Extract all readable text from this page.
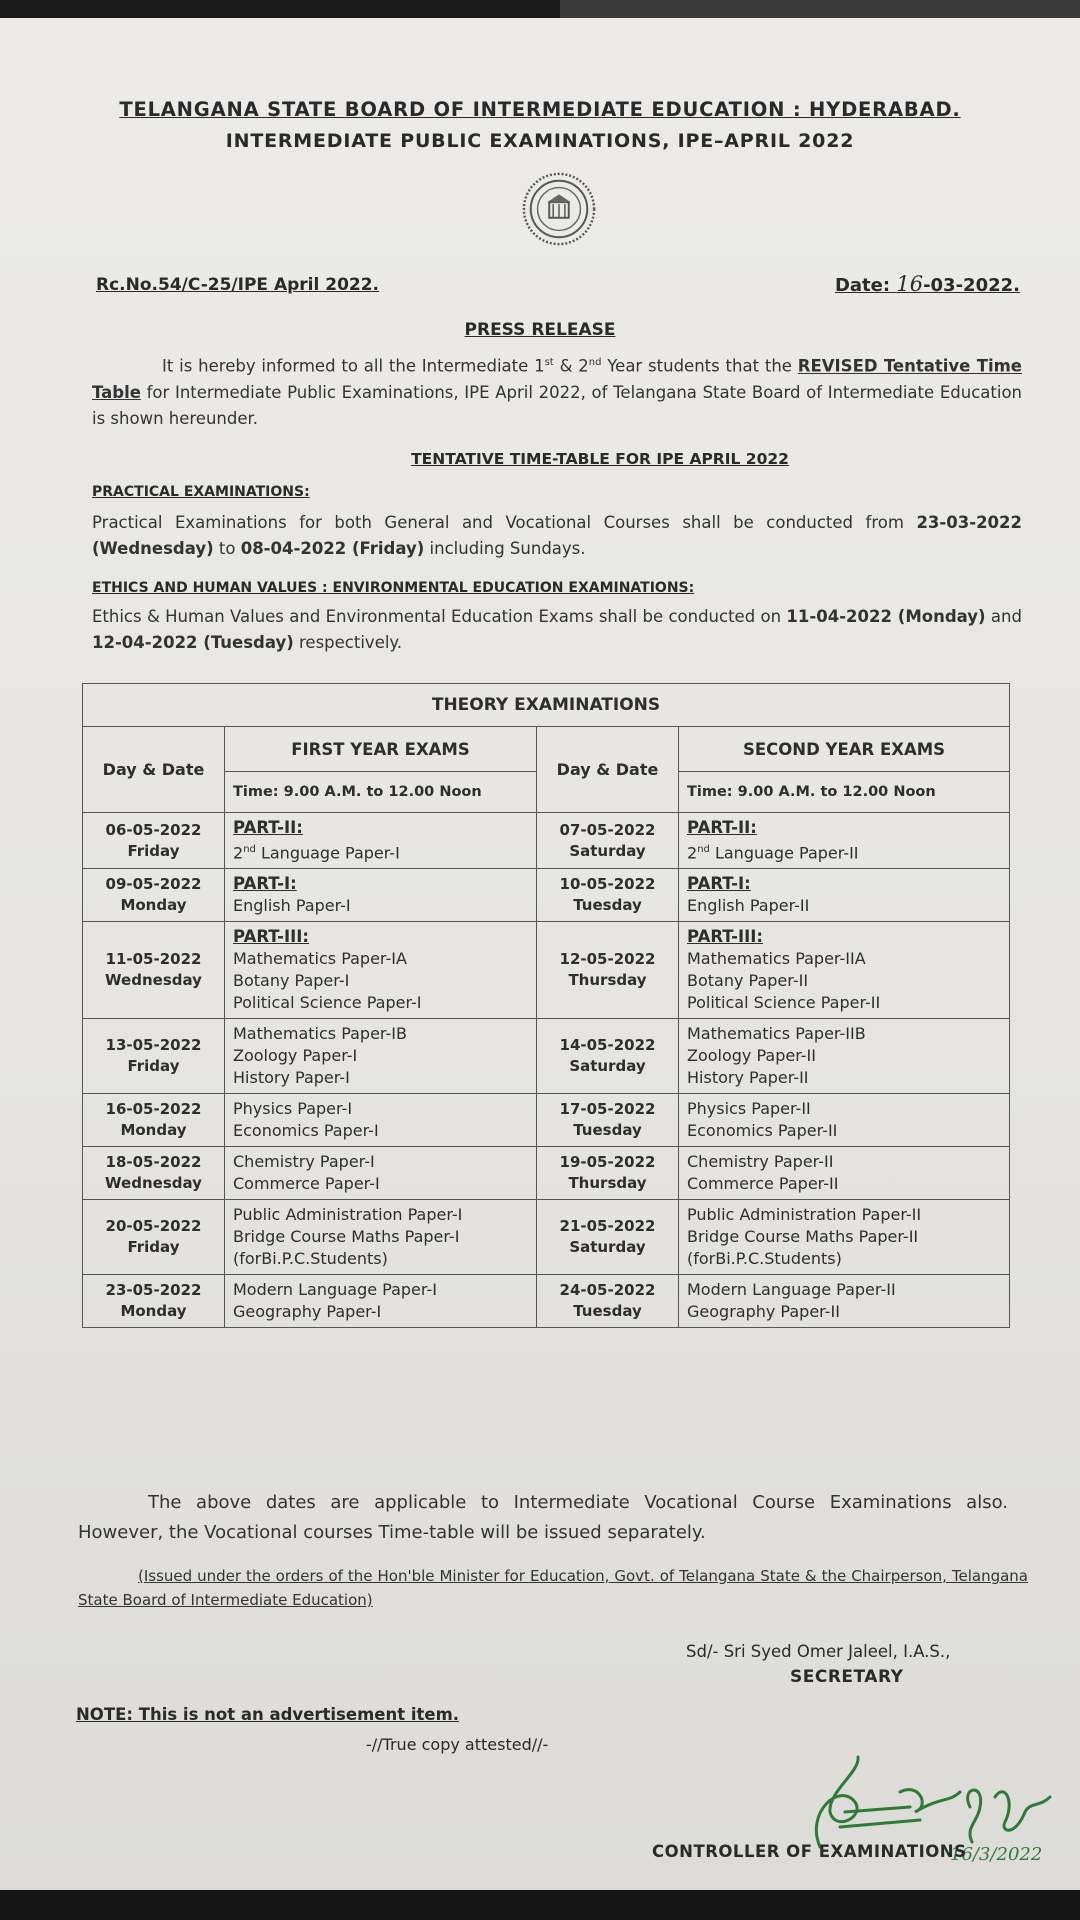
TELANGANA STATE BOARD OF INTERMEDIATE EDUCATION : HYDERABAD.
INTERMEDIATE PUBLIC EXAMINATIONS, IPE–APRIL 2022
Rc.No.54/C-25/IPE April 2022.	Date: 16-03-2022.
PRESS RELEASE
It is hereby informed to all the Intermediate 1st & 2nd Year students that the REVISED Tentative Time Table for Intermediate Public Examinations, IPE April 2022, of Telangana State Board of Intermediate Education is shown hereunder.
TENTATIVE TIME-TABLE FOR IPE APRIL 2022
PRACTICAL EXAMINATIONS:
Practical Examinations for both General and Vocational Courses shall be conducted from 23-03-2022 (Wednesday) to 08-04-2022 (Friday) including Sundays.
ETHICS AND HUMAN VALUES : ENVIRONMENTAL EDUCATION EXAMINATIONS:
Ethics & Human Values and Environmental Education Exams shall be conducted on 11-04-2022 (Monday) and 12-04-2022 (Tuesday) respectively.
THEORY EXAMINATIONS			
Day & Date	FIRST YEAR EXAMS	Day & Date	SECOND YEAR EXAMS
	Time: 9.00 A.M. to 12.00 Noon		Time: 9.00 A.M. to 12.00 Noon

06-05-2022
Friday	PART-II:
2nd Language Paper-I	07-05-2022
Saturday	PART-II:
2nd Language Paper-II

09-05-2022
Monday	PART-I:
English Paper-I	10-05-2022
Tuesday	PART-I:
English Paper-II

11-05-2022
Wednesday	PART-III:
Mathematics Paper-IA
Botany Paper-I
Political Science Paper-I	12-05-2022
Thursday	PART-III:
Mathematics Paper-IIA
Botany Paper-II
Political Science Paper-II

13-05-2022
Friday	Mathematics Paper-IB
Zoology Paper-I
History Paper-I	14-05-2022
Saturday	Mathematics Paper-IIB
Zoology Paper-II
History Paper-II

16-05-2022
Monday	Physics Paper-I
Economics Paper-I	17-05-2022
Tuesday	Physics Paper-II
Economics Paper-II

18-05-2022
Wednesday	Chemistry Paper-I
Commerce Paper-I	19-05-2022
Thursday	Chemistry Paper-II
Commerce Paper-II

20-05-2022
Friday	Public Administration Paper-I
Bridge Course Maths Paper-I
(forBi.P.C.Students)	21-05-2022
Saturday	Public Administration Paper-II
Bridge Course Maths Paper-II
(forBi.P.C.Students)

23-05-2022
Monday	Modern Language Paper-I
Geography Paper-I	24-05-2022
Tuesday	Modern Language Paper-II
Geography Paper-II
The above dates are applicable to Intermediate Vocational Course Examinations also. However, the Vocational courses Time-table will be issued separately.
(Issued under the orders of the Hon'ble Minister for Education, Govt. of Telangana State & the Chairperson, Telangana State Board of Intermediate Education)
Sd/- Sri Syed Omer Jaleel, I.A.S.,
SECRETARY
NOTE: This is not an advertisement item.
-//True copy attested//-
16/3/2022
CONTROLLER OF EXAMINATIONS
